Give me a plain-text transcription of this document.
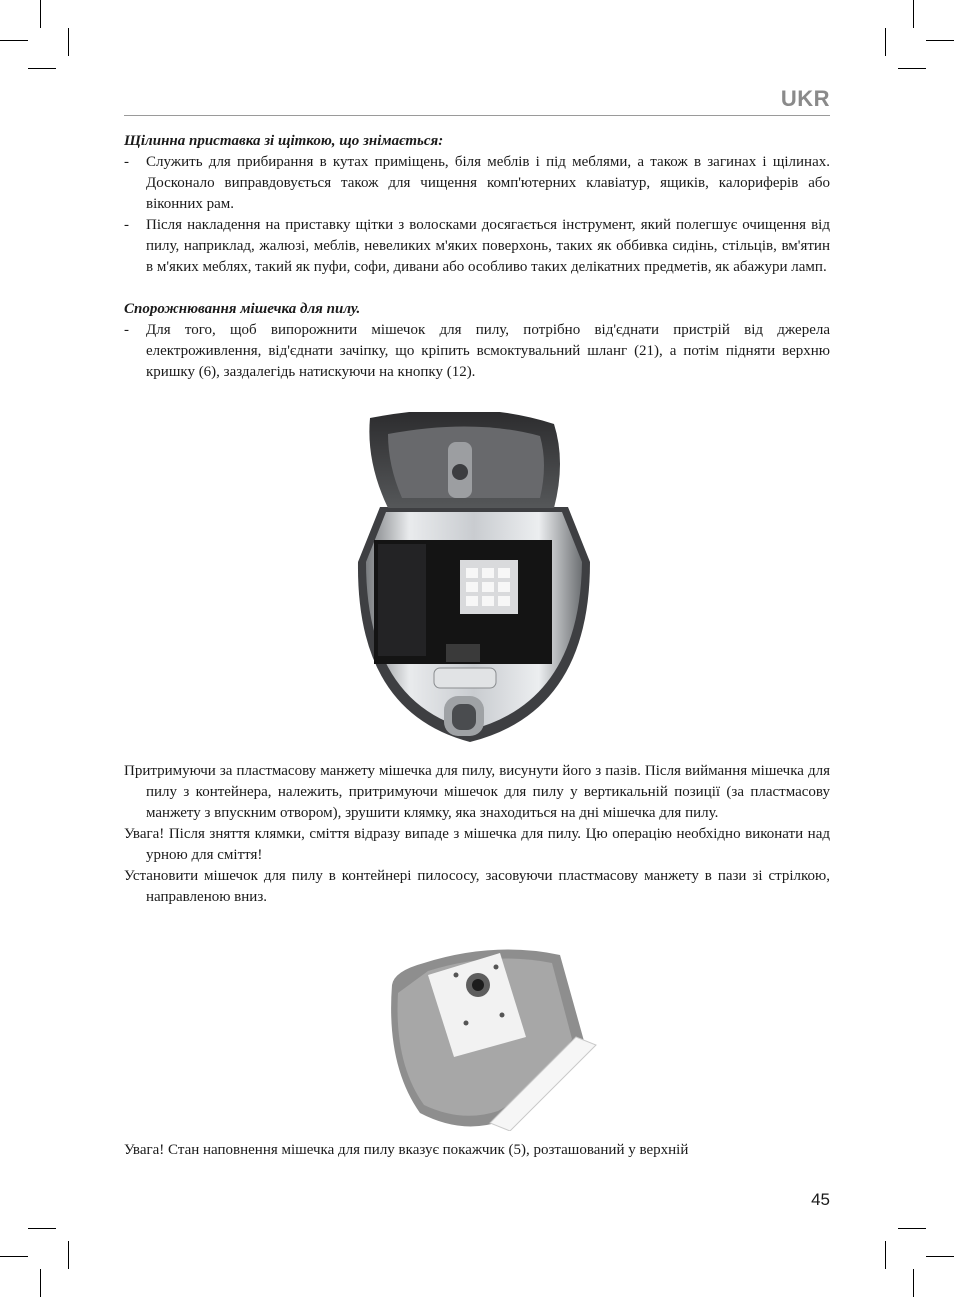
UKR

Щілинна приставка зі щіткою, що знімається:

- Служить для прибирання в кутах приміщень, біля меблів і під меблями, а також в загинах і щілинах. Досконало виправдовується також для чищення комп'ютерних клавіатур, ящиків, калориферів або віконних рам.

- Після накладення на приставку щітки з волосками досягається інструмент, який полегшує очищення від пилу, наприклад, жалюзі, меблів, невеликих м'яких поверхонь, таких як оббивка сидінь, стільців, вм'ятин в м'яких меблях, такий як пуфи, софи, дивани або особливо таких делікатних предметів, як абажури ламп.

Спорожнювання мішечка для пилу.

- Для того, щоб випорожнити мішечок для пилу, потрібно від'єднати пристрій від джерела електроживлення, від'єднати зачіпку, що кріпить всмоктувальний шланг (21), а потім підняти верхню кришку (6), заздалегідь натискуючи на кнопку (12).

Притримуючи за пластмасову манжету мішечка для пилу, висунути його з пазів. Після виймання мішечка для пилу з контейнера, належить, притримуючи мішечок для пилу у вертикальній позиції (за пластмасову манжету з впускним отвором), зрушити клямку, яка знаходиться на дні мішечка для пилу.

Увага! Після зняття клямки, сміття відразу випаде з мішечка для пилу. Цю операцію необхідно виконати над урною для сміття!

Установити мішечок для пилу в контейнері пилососу, засовуючи пластмасову манжету в пази зі стрілкою, направленою вниз.

Увага! Стан наповнення мішечка для пилу вказує покажчик (5), розташований у верхній

45
